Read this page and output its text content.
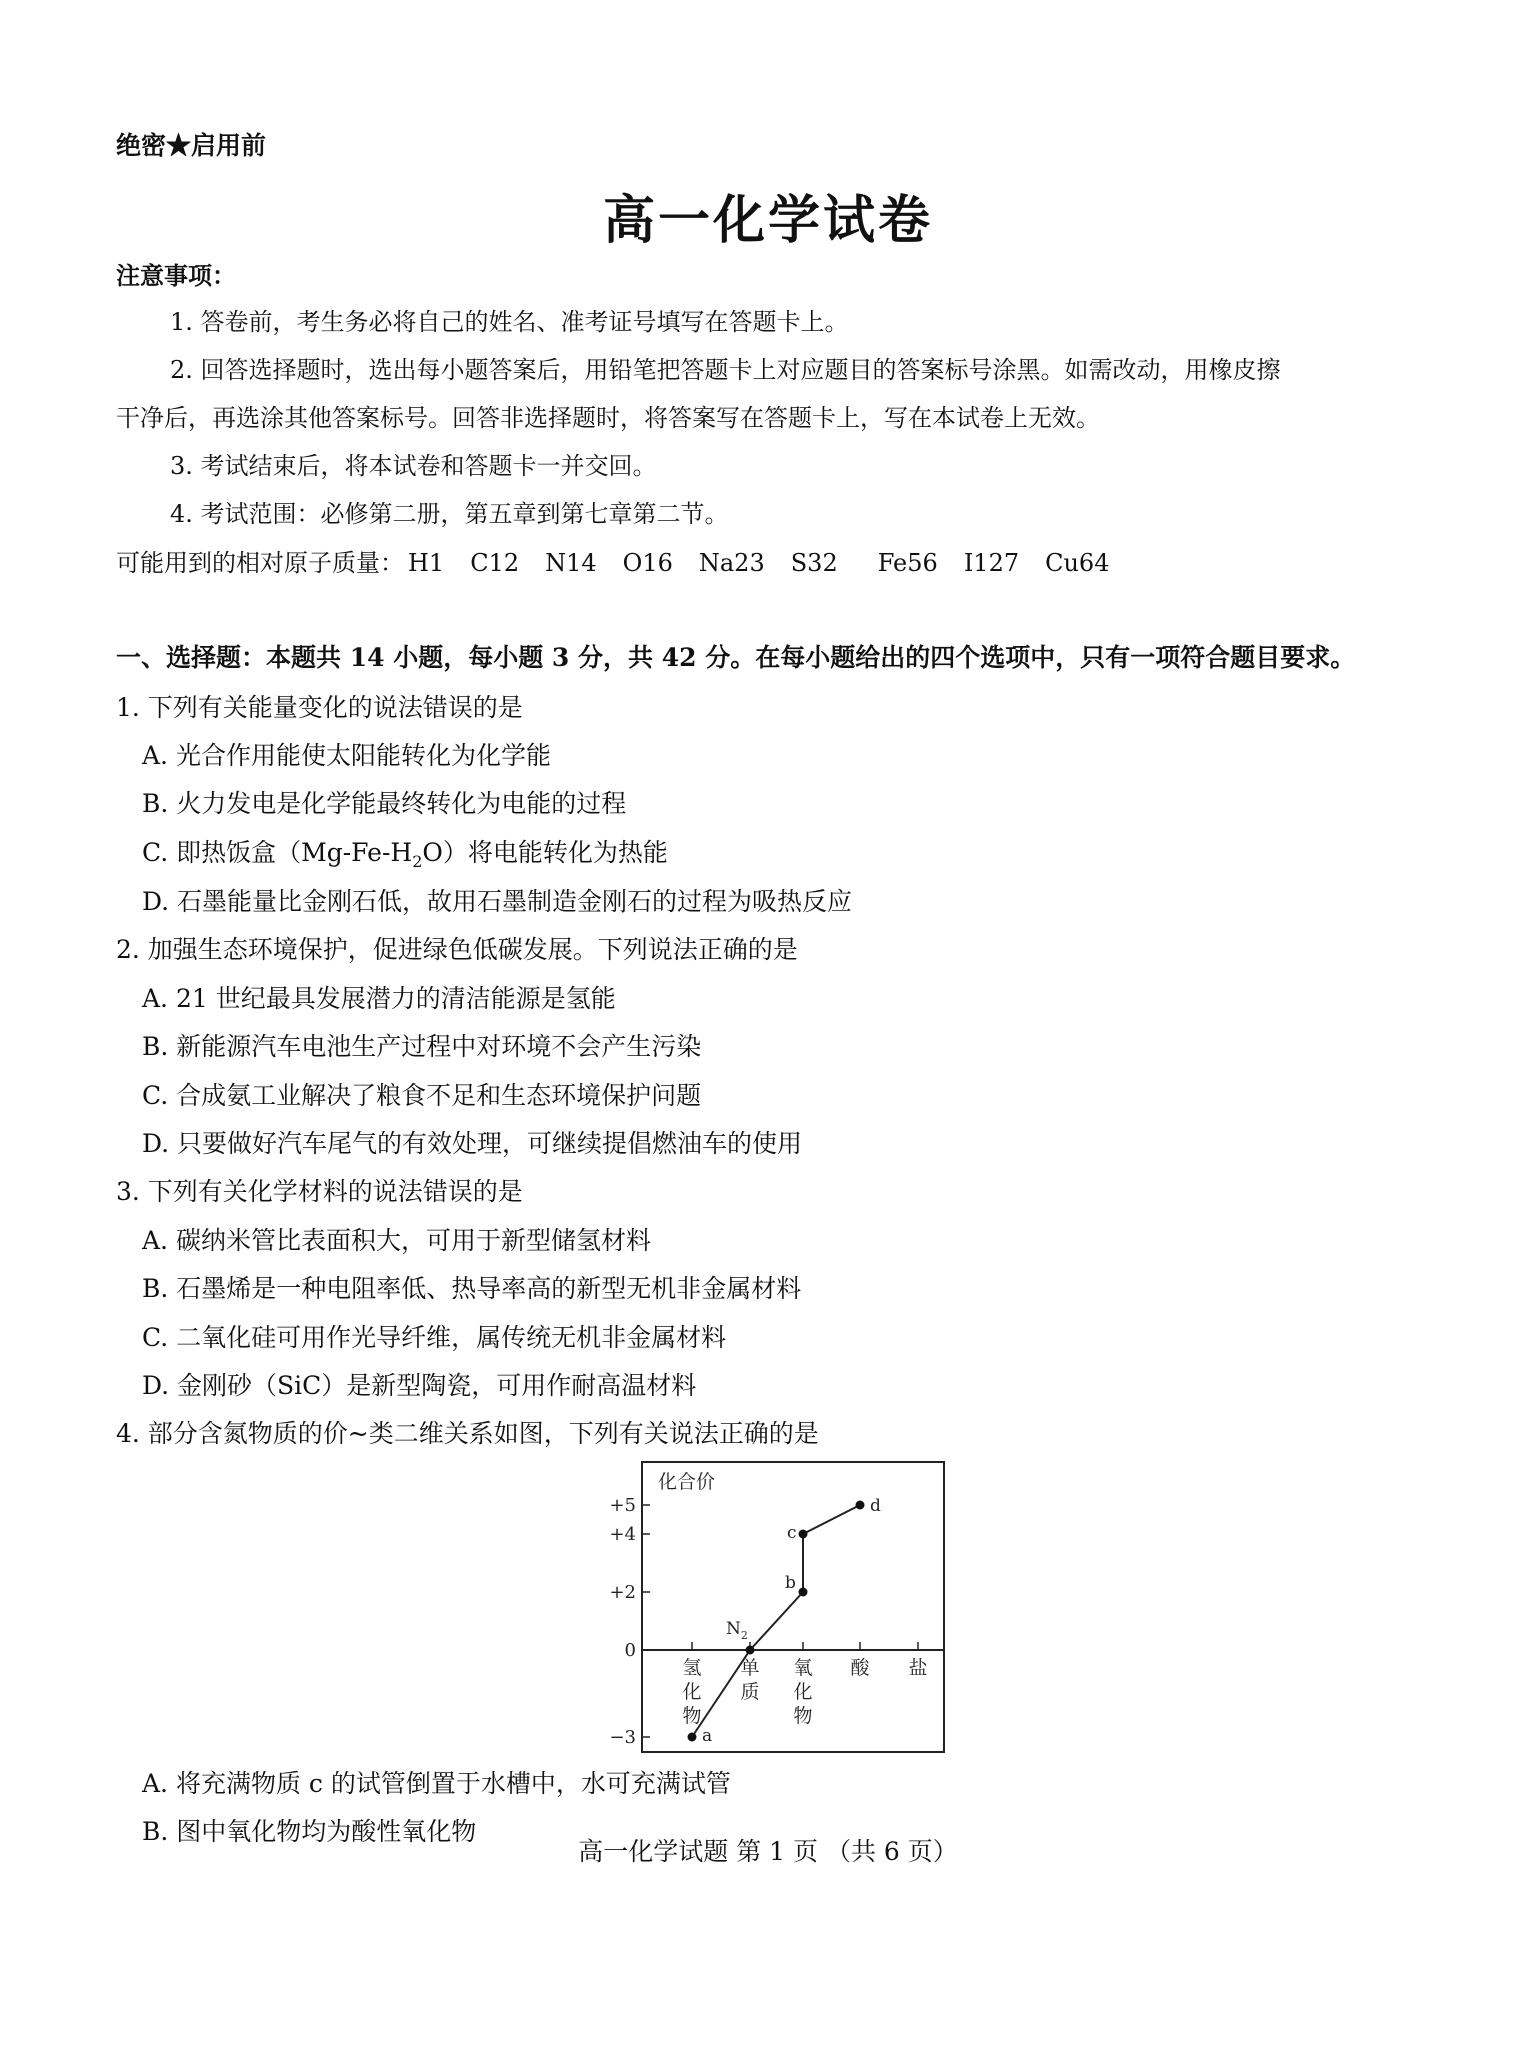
绝密★启用前
高一化学试卷
注意事项：
1. 答卷前，考生务必将自己的姓名、准考证号填写在答题卡上。
2. 回答选择题时，选出每小题答案后，用铅笔把答题卡上对应题目的答案标号涂黑。如需改动，用橡皮擦
干净后，再选涂其他答案标号。回答非选择题时，将答案写在答题卡上，写在本试卷上无效。
3. 考试结束后，将本试卷和答题卡一并交回。
4. 考试范围：必修第二册，第五章到第七章第二节。
可能用到的相对原子质量： H1 C12 N14 O16 Na23 S32 Fe56 I127 Cu64
一、选择题：本题共 14 小题，每小题 3 分，共 42 分。在每小题给出的四个选项中，只有一项符合题目要求。
1. 下列有关能量变化的说法错误的是
A. 光合作用能使太阳能转化为化学能
B. 火力发电是化学能最终转化为电能的过程
C. 即热饭盒$(Mg-Fe-H_2O)$将电能转化为热能
D. 石墨能量比金刚石低，故用石墨制造金刚石的过程为吸热反应
2. 加强生态环境保护，促进绿色低碳发展。下列说法正确的是
A. 21 世纪最具发展潜力的清洁能源是氢能
B. 新能源汽车电池生产过程中对环境不会产生污染
C. 合成氨工业解决了粮食不足和生态环境保护问题
D. 只要做好汽车尾气的有效处理，可继续提倡燃油车的使用
3. 下列有关化学材料的说法错误的是
A. 碳纳米管比表面积大，可用于新型储氢材料
B. 石墨烯是一种电阻率低、热导率高的新型无机非金属材料
C. 二氧化硅可用作光导纤维，属传统无机非金属材料
D. 金刚砂（SiC）是新型陶瓷，可用作耐高温材料
4. 部分含氮物质的价~类二维关系如图，下列有关说法正确的是
化合价
+5
+4
+2
0
−3
氢
化
物
单
质
氧
化
物
酸 盐
a
$N_2$
b
c
d
A. 将充满物质 c 的试管倒置于水槽中，水可充满试管
B. 图中氧化物均为酸性氧化物
高一化学试题 第 1 页 （共 6 页）
